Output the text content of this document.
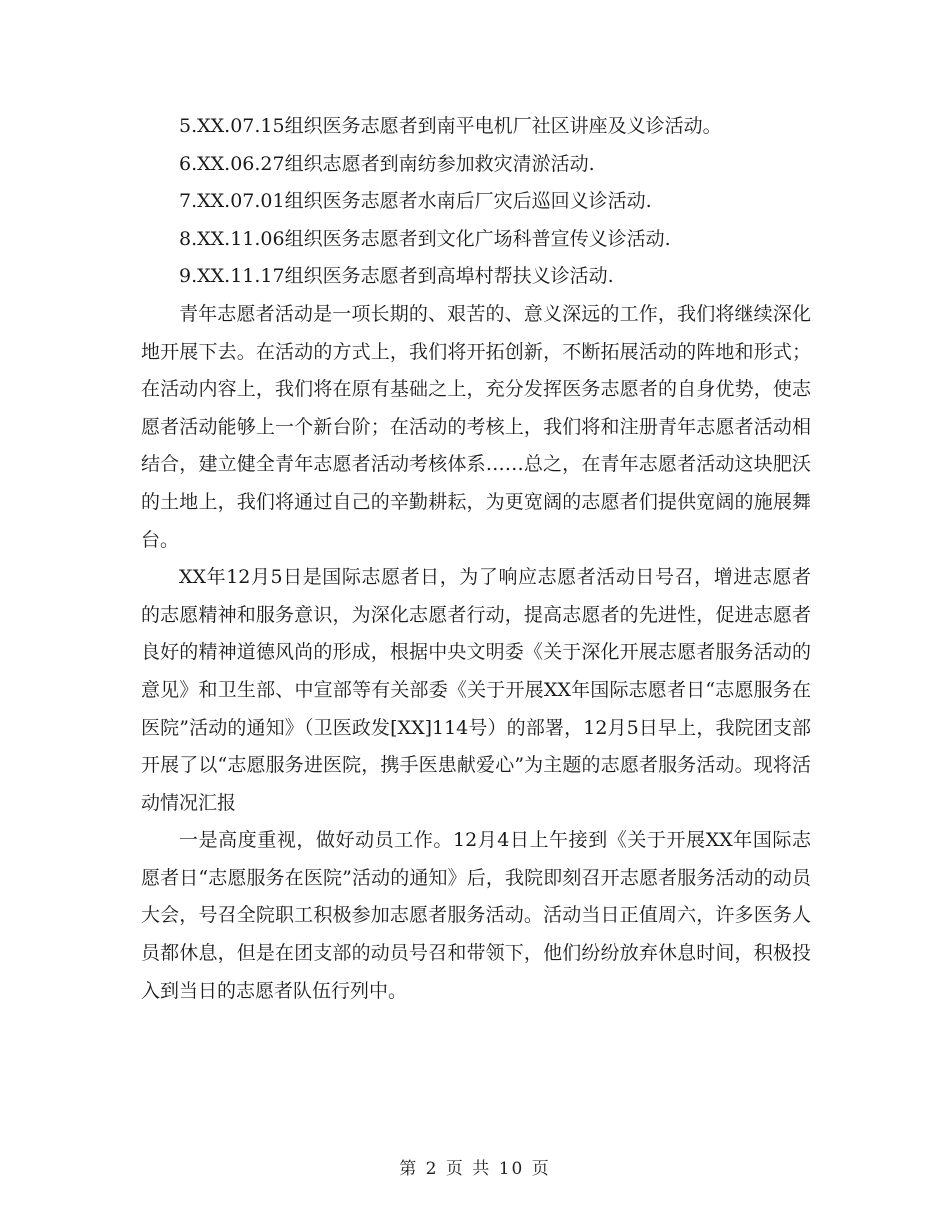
5.XX.07.15组织医务志愿者到南平电机厂社区讲座及义诊活动。

6.XX.06.27组织志愿者到南纺参加救灾清淤活动.

7.XX.07.01组织医务志愿者水南后厂灾后巡回义诊活动.

8.XX.11.06组织医务志愿者到文化广场科普宣传义诊活动.

9.XX.11.17组织医务志愿者到高埠村帮扶义诊活动.

青年志愿者活动是一项长期的、艰苦的、意义深远的工作，我们将继续深化地开展下去。在活动的方式上，我们将开拓创新，不断拓展活动的阵地和形式；在活动内容上，我们将在原有基础之上，充分发挥医务志愿者的自身优势，使志愿者活动能够上一个新台阶；在活动的考核上，我们将和注册青年志愿者活动相结合，建立健全青年志愿者活动考核体系……总之，在青年志愿者活动这块肥沃的土地上，我们将通过自己的辛勤耕耘，为更宽阔的志愿者们提供宽阔的施展舞台。

XX年12月5日是国际志愿者日，为了响应志愿者活动日号召，增进志愿者的志愿精神和服务意识，为深化志愿者行动，提高志愿者的先进性，促进志愿者良好的精神道德风尚的形成，根据中央文明委《关于深化开展志愿者服务活动的意见》和卫生部、中宣部等有关部委《关于开展XX年国际志愿者日“志愿服务在医院”活动的通知》（卫医政发[XX]114号）的部署，12月5日早上，我院团支部开展了以“志愿服务进医院，携手医患献爱心”为主题的志愿者服务活动。现将活动情况汇报

一是高度重视，做好动员工作。12月4日上午接到《关于开展XX年国际志愿者日“志愿服务在医院”活动的通知》后，我院即刻召开志愿者服务活动的动员大会，号召全院职工积极参加志愿者服务活动。活动当日正值周六，许多医务人员都休息，但是在团支部的动员号召和带领下，他们纷纷放弃休息时间，积极投入到当日的志愿者队伍行列中。

第 2 页 共 10 页
